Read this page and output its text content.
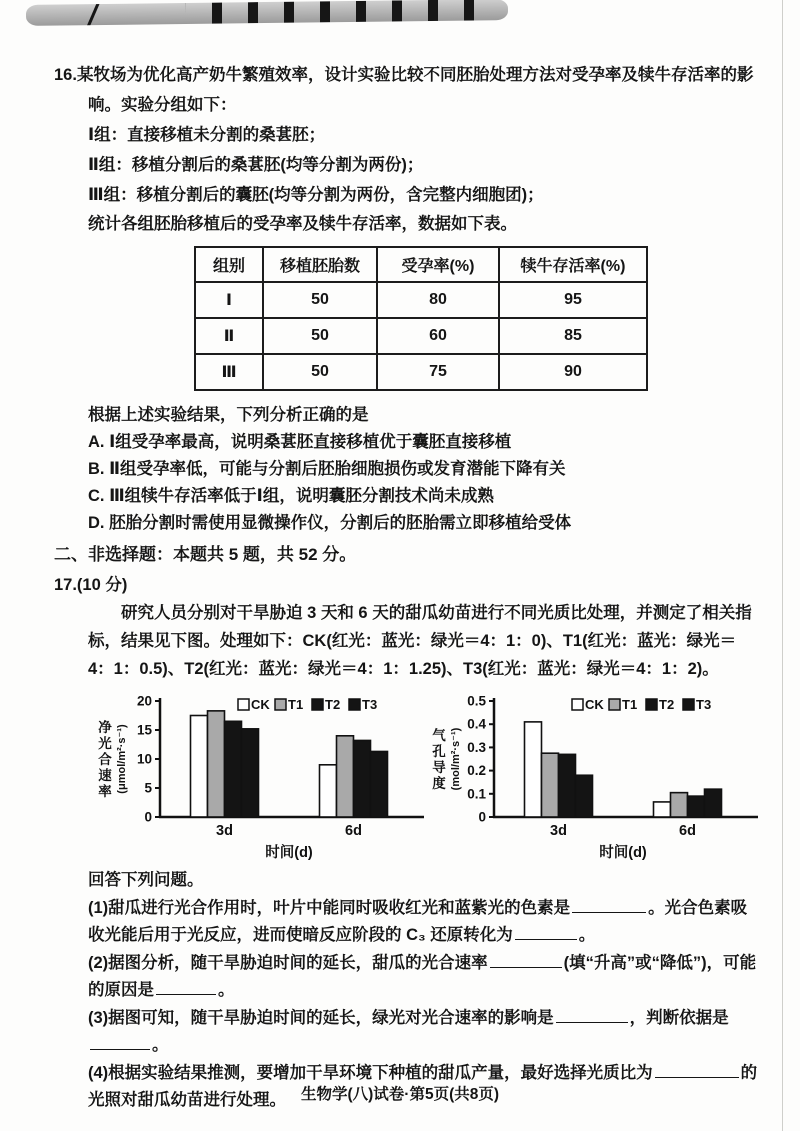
16.某牧场为优化高产奶牛繁殖效率，设计实验比较不同胚胎处理方法对受孕率及犊牛存活率的影响。实验分组如下：

Ⅰ组：直接移植未分割的桑葚胚；

Ⅱ组：移植分割后的桑葚胚(均等分割为两份)；

Ⅲ组：移植分割后的囊胚(均等分割为两份，含完整内细胞团)；

统计各组胚胎移植后的受孕率及犊牛存活率，数据如下表。

组别	移植胚胎数	受孕率(%)	犊牛存活率(%)
Ⅰ	50	80	95
Ⅱ	50	60	85
Ⅲ	50	75	90

根据上述实验结果，下列分析正确的是

A. Ⅰ组受孕率最高，说明桑葚胚直接移植优于囊胚直接移植

B. Ⅱ组受孕率低，可能与分割后胚胎细胞损伤或发育潜能下降有关

C. Ⅲ组犊牛存活率低于Ⅰ组，说明囊胚分割技术尚未成熟

D. 胚胎分割时需使用显微操作仪，分割后的胚胎需立即移植给受体

二、非选择题：本题共 5 题，共 52 分。

17.(10 分)

研究人员分别对干旱胁迫 3 天和 6 天的甜瓜幼苗进行不同光质比处理，并测定了相关指标，结果见下图。处理如下：CK(红光：蓝光：绿光＝4：1：0)、T1(红光：蓝光：绿光＝4：1：0.5)、T2(红光：蓝光：绿光＝4：1：1.25)、T3(红光：蓝光：绿光＝4：1：2)。

0
5
10
15
20
净
光
合
速
率 (μmol/m²·s⁻¹)
3d	6d
时间(d)
CK T1 T2 T3
0
0.1
0.2
0.3
0.4
0.5
气
孔
导
度 (mol/m²·s⁻¹)
3d	6d
时间(d)
CK T1 T2 T3

回答下列问题。

(1)甜瓜进行光合作用时，叶片中能同时吸收红光和蓝紫光的色素是	。光合色素吸收光能后用于光反应，进而使暗反应阶段的 C₃ 还原转化为	。

(2)据图分析，随干旱胁迫时间的延长，甜瓜的光合速率	(填“升高”或“降低”)，可能的原因是	。

(3)据图可知，随干旱胁迫时间的延长，绿光对光合速率的影响是	，判断依据是。

(4)根据实验结果推测，要增加干旱环境下种植的甜瓜产量，最好选择光质比为	的光照对甜瓜幼苗进行处理。 生物学(八)试卷·第5页(共8页)
